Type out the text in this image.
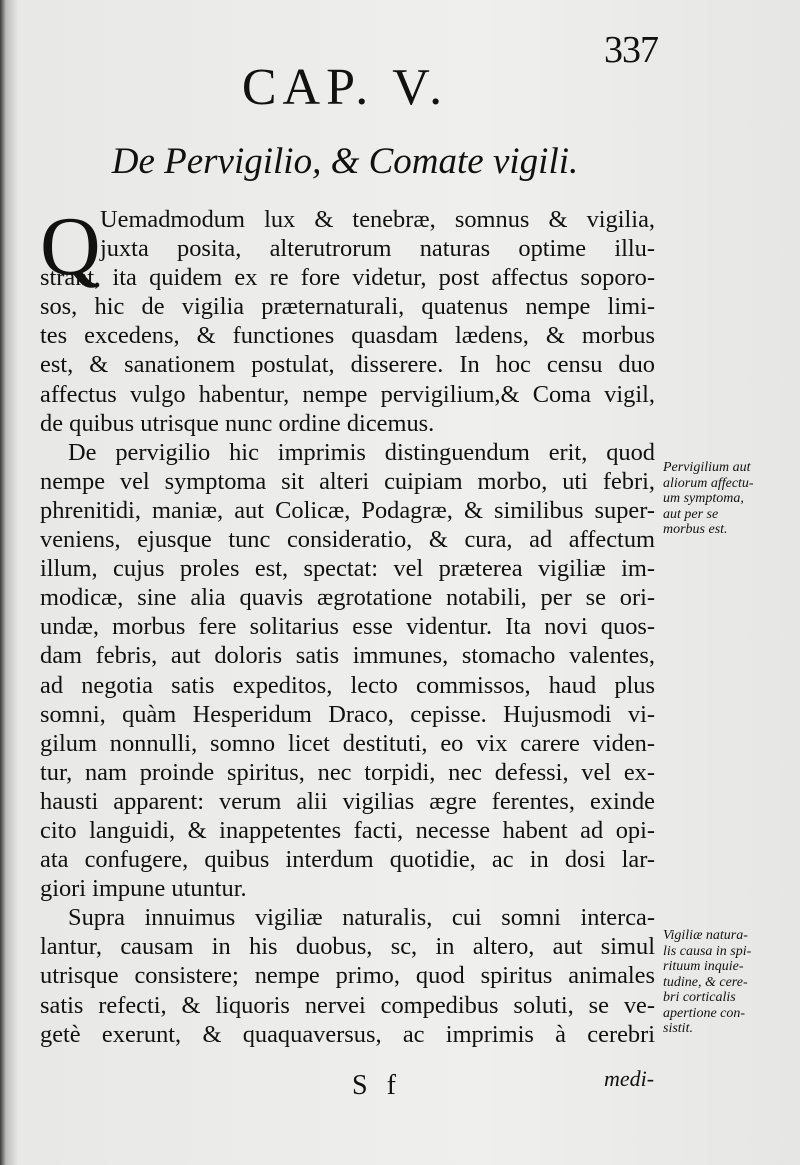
337
CAP. V.
De Pervigilio, & Comate vigili.
Q Uemadmodum lux & tenebræ, somnus & vigilia,
juxta posita, alterutrorum naturas optime illu-
strant, ita quidem ex re fore videtur, post affectus soporo-
sos, hic de vigilia præternaturali, quatenus nempe limi-
tes excedens, & functiones quasdam lædens, & morbus
est, & sanationem postulat, disserere. In hoc censu duo
affectus vulgo habentur, nempe pervigilium,& Coma vigil,
de quibus utrisque nunc ordine dicemus.
De pervigilio hic imprimis distinguendum erit, quod
nempe vel symptoma sit alteri cuipiam morbo, uti febri,
phrenitidi, maniæ, aut Colicæ, Podagræ, & similibus super-
veniens, ejusque tunc consideratio, & cura, ad affectum
illum, cujus proles est, spectat: vel præterea vigiliæ im-
modicæ, sine alia quavis ægrotatione notabili, per se ori-
undæ, morbus fere solitarius esse videntur. Ita novi quos-
dam febris, aut doloris satis immunes, stomacho valentes,
ad negotia satis expeditos, lecto commissos, haud plus
somni, quàm Hesperidum Draco, cepisse. Hujusmodi vi-
gilum nonnulli, somno licet destituti, eo vix carere viden-
tur, nam proinde spiritus, nec torpidi, nec defessi, vel ex-
hausti apparent: verum alii vigilias ægre ferentes, exinde
cito languidi, & inappetentes facti, necesse habent ad opi-
ata confugere, quibus interdum quotidie, ac in dosi lar-
giori impune utuntur.
Supra innuimus vigiliæ naturalis, cui somni interca-
lantur, causam in his duobus, sc, in altero, aut simul
utrisque consistere; nempe primo, quod spiritus animales
satis refecti, & liquoris nervei compedibus soluti, se ve-
getè exerunt, & quaquaversus, ac imprimis à cerebri
Pervigilium aut
aliorum affectu-
um symptoma,
aut per se
morbus est.
Vigiliæ natura-
lis causa in spi-
rituum inquie-
tudine, & cere-
bri corticalis
apertione con-
sistit.
S f	medi-
